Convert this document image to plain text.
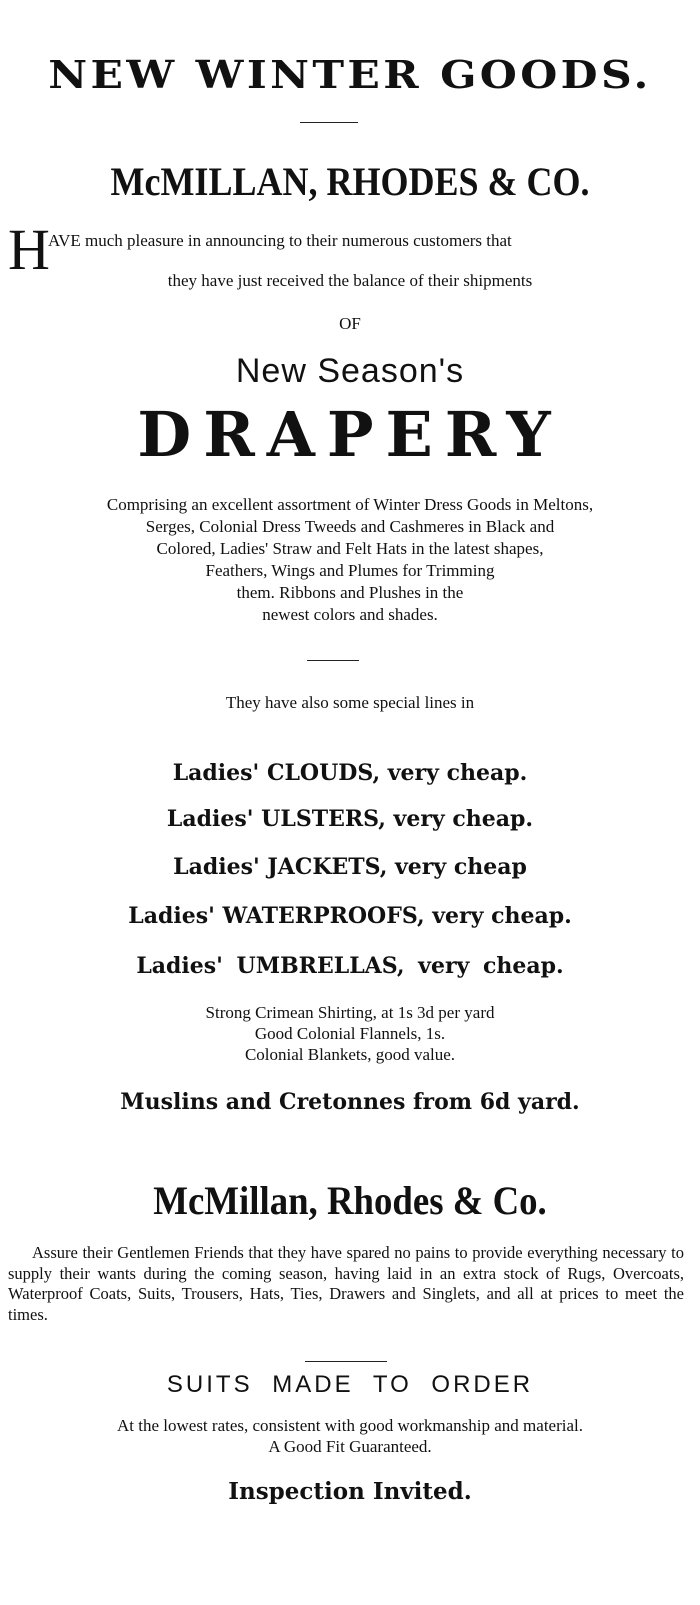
NEW WINTER GOODS.
McMILLAN, RHODES & CO.
H
AVE much pleasure in announcing to their numerous customers that
they have just received the balance of their shipments
OF
New Season's
DRAPERY
Comprising an excellent assortment of Winter Dress Goods in Meltons,
Serges, Colonial Dress Tweeds and Cashmeres in Black and
Colored, Ladies' Straw and Felt Hats in the latest shapes,
Feathers, Wings and Plumes for Trimming
them. Ribbons and Plushes in the
newest colors and shades.
They have also some special lines in
Ladies' CLOUDS, very cheap.
Ladies' ULSTERS, very cheap.
Ladies' JACKETS, very cheap
Ladies' WATERPROOFS, very cheap.
Ladies' UMBRELLAS, very cheap.
Strong Crimean Shirting, at 1s 3d per yard
Good Colonial Flannels, 1s.
Colonial Blankets, good value.
Muslins and Cretonnes from 6d yard.
McMillan, Rhodes & Co.
Assure their Gentlemen Friends that they have spared no pains to provide everything necessary to supply their wants during the coming season, having laid in an extra stock of Rugs, Overcoats, Waterproof Coats, Suits, Trousers, Hats, Ties, Drawers and Singlets, and all at prices to meet the times.
SUITS MADE TO ORDER
At the lowest rates, consistent with good workmanship and material.
A Good Fit Guaranteed.
Inspection Invited.
